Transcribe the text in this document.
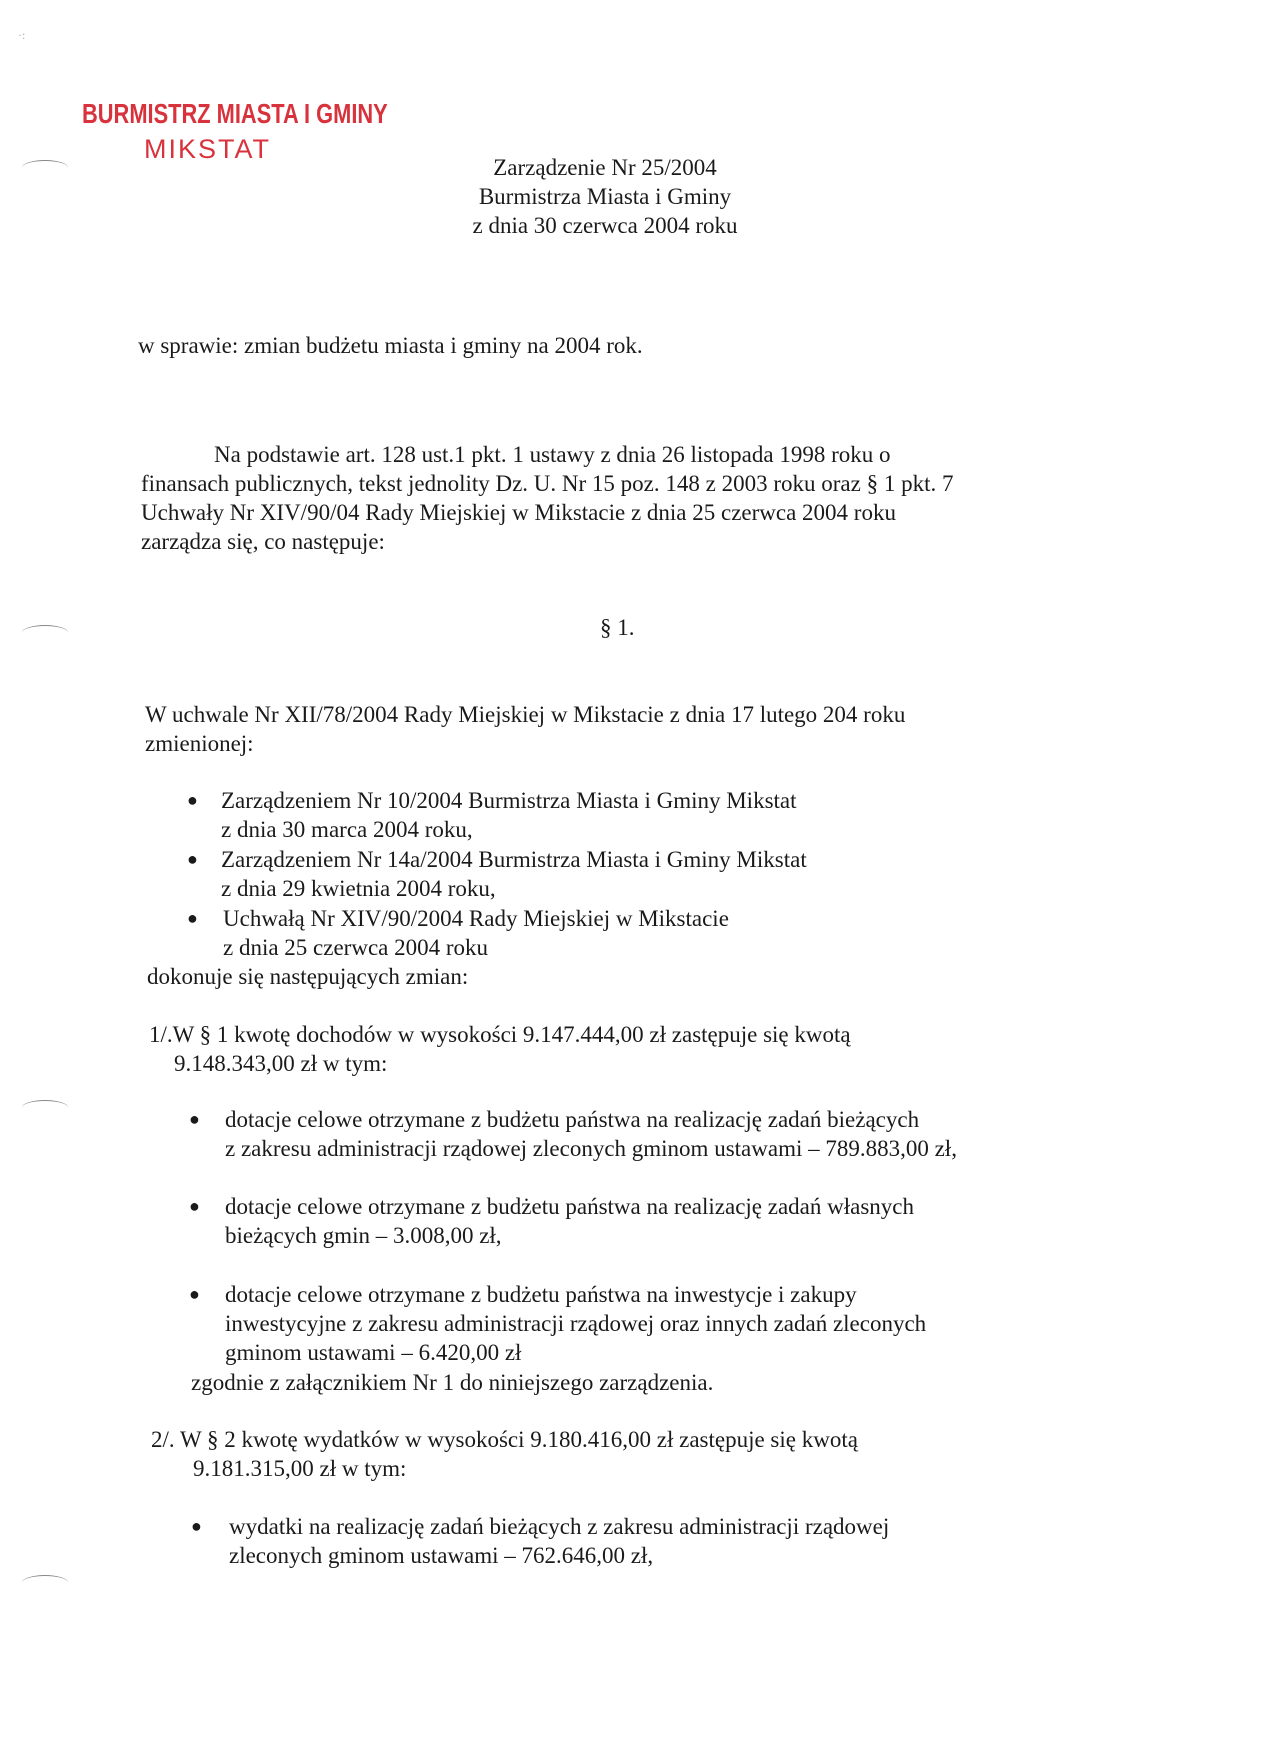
·:
BURMISTRZ MIASTA I GMINY
MIKSTAT
Zarządzenie Nr 25/2004
Burmistrza Miasta i Gminy
z dnia 30 czerwca 2004 roku
w sprawie: zmian budżetu miasta i gminy na 2004 rok.
Na podstawie art. 128 ust.1 pkt. 1 ustawy z dnia 26 listopada 1998 roku o
finansach publicznych, tekst jednolity Dz. U. Nr 15 poz. 148 z 2003 roku oraz § 1 pkt. 7
Uchwały Nr XIV/90/04 Rady Miejskiej w Mikstacie z dnia 25 czerwca 2004 roku
zarządza się, co następuje:
§ 1.
W uchwale Nr XII/78/2004 Rady Miejskiej w Mikstacie z dnia 17 lutego 204 roku
zmienionej:
● Zarządzeniem Nr 10/2004 Burmistrza Miasta i Gminy Mikstat
z dnia 30 marca 2004 roku,
● Zarządzeniem Nr 14a/2004 Burmistrza Miasta i Gminy Mikstat
z dnia 29 kwietnia 2004 roku,
● Uchwałą Nr XIV/90/2004 Rady Miejskiej w Mikstacie
z dnia 25 czerwca 2004 roku
dokonuje się następujących zmian:
1/.W § 1 kwotę dochodów w wysokości 9.147.444,00 zł zastępuje się kwotą
9.148.343,00 zł w tym:
● dotacje celowe otrzymane z budżetu państwa na realizację zadań bieżących
z zakresu administracji rządowej zleconych gminom ustawami – 789.883,00 zł,
● dotacje celowe otrzymane z budżetu państwa na realizację zadań własnych
bieżących gmin – 3.008,00 zł,
● dotacje celowe otrzymane z budżetu państwa na inwestycje i zakupy
inwestycyjne z zakresu administracji rządowej oraz innych zadań zleconych
gminom ustawami – 6.420,00 zł
zgodnie z załącznikiem Nr 1 do niniejszego zarządzenia.
2/. W § 2 kwotę wydatków w wysokości 9.180.416,00 zł zastępuje się kwotą
9.181.315,00 zł w tym:
● wydatki na realizację zadań bieżących z zakresu administracji rządowej
zleconych gminom ustawami – 762.646,00 zł,
